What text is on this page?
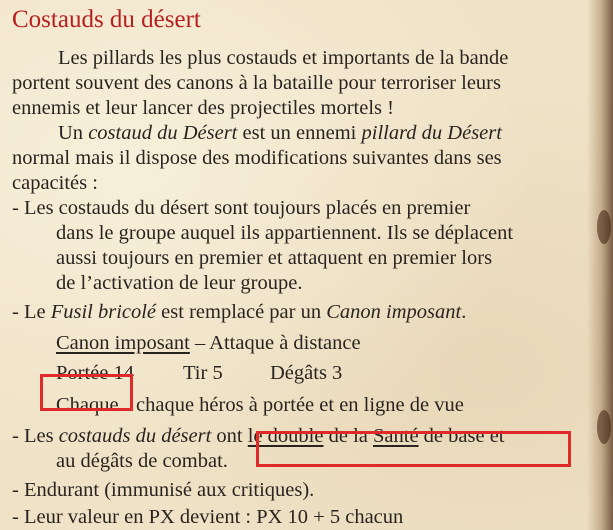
Costauds du désert
Les pillards les plus costauds et importants de la bande
portent souvent des canons à la bataille pour terroriser leurs
ennemis et leur lancer des projectiles mortels !
Un costaud du Désert est un ennemi pillard du Désert
normal mais il dispose des modifications suivantes dans ses
capacités :
- Les costauds du désert sont toujours placés en premier
dans le groupe auquel ils appartiennent. Ils se déplacent
aussi toujours en premier et attaquent en premier lors
de l’activation de leur groupe.
- Le Fusil bricolé est remplacé par un Canon imposant.
Canon imposant – Attaque à distance
Portée 14 Tir 5 Dégâts 3
Chaque chaque héros à portée et en ligne de vue
- Les costauds du désert ont le double de la Santé de base et
au dégâts de combat.
- Endurant (immunisé aux critiques).
- Leur valeur en PX devient : PX 10 + 5 chacun
